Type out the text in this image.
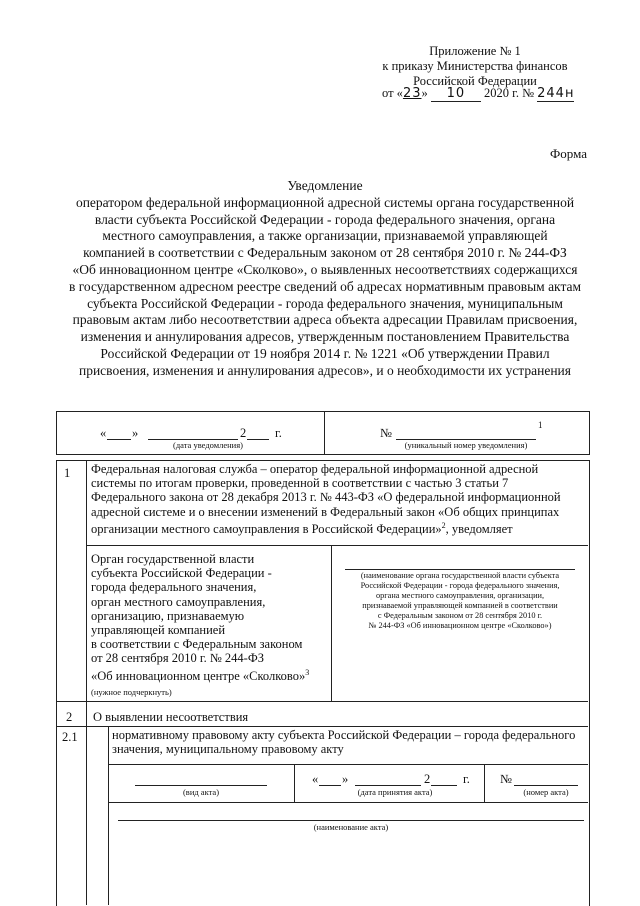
Приложение № 1
к приказу Министерства финансов
Российской Федерации
от «23» 10 2020 г. № 244н
Форма
Уведомление
оператором федеральной информационной адресной системы органа государственной
власти субъекта Российской Федерации - города федерального значения, органа
местного самоуправления, а также организации, признаваемой управляющей
компанией в соответствии с Федеральным законом от 28 сентября 2010 г. № 244-ФЗ
«Об инновационном центре «Сколково», о выявленных несоответствиях содержащихся
в государственном адресном реестре сведений об адресах нормативным правовым актам
субъекта Российской Федерации - города федерального значения, муниципальным
правовым актам либо несоответствии адреса объекта адресации Правилам присвоения,
изменения и аннулирования адресов, утвержденным постановлением Правительства
Российской Федерации от 19 ноября 2014 г. № 1221 «Об утверждении Правил
присвоения, изменения и аннулирования адресов», и о необходимости их устранения
« »	2 г.
(дата уведомления)
№
1
(уникальный номер уведомления)
1 Федеральная налоговая служба – оператор федеральной информационной адресной
системы по итогам проверки, проведенной в соответствии с частью 3 статьи 7
Федерального закона от 28 декабря 2013 г. № 443-ФЗ «О федеральной информационной
адресной системе и о внесении изменений в Федеральный закон «Об общих принципах
организации местного самоуправления в Российской Федерации»$^2$, уведомляет
Орган государственной власти
субъекта Российской Федерации -
города федерального значения,
орган местного самоуправления,
организацию, признаваемую
управляющей компанией
в соответствии с Федеральным законом
от 28 сентября 2010 г. № 244-ФЗ
«Об инновационном центре «Сколково»$^3$
(нужное подчеркнуть)
(наименование органа государственной власти субъекта
Российской Федерации - города федерального значения,
органа местного самоуправления, организации,
признаваемой управляющей компанией в соответствии
с Федеральным законом от 28 сентября 2010 г.
№ 244-ФЗ «Об инновационном центре «Сколково»)
2 О выявлении несоответствия
2.1	нормативному правовому акту субъекта Российской Федерации – города федерального
значения, муниципальному правовому акту
(вид акта)
« »	2	г.
(дата принятия акта)
№
(номер акта)
(наименование акта)
